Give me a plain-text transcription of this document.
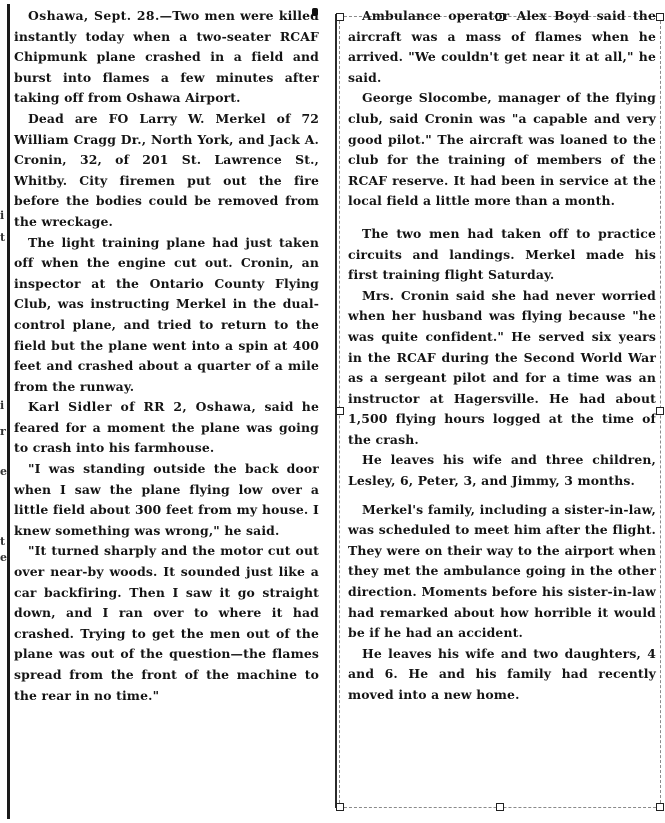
i
t
i
r
e
t
e

Oshawa, Sept. 28.—Two men were killed instantly today when a two-seater RCAF Chipmunk plane crashed in a field and burst into flames a few minutes after taking off from Oshawa Airport.

Dead are FO Larry W. Merkel of 72 William Cragg Dr., North York, and Jack A. Cronin, 32, of 201 St. Lawrence St., Whitby. City firemen put out the fire before the bodies could be removed from the wreckage.

The light training plane had just taken off when the engine cut out. Cronin, an inspector at the Ontario County Flying Club, was instructing Merkel in the dual-control plane, and tried to return to the field but the plane went into a spin at 400 feet and crashed about a quarter of a mile from the runway.

Karl Sidler of RR 2, Oshawa, said he feared for a moment the plane was going to crash into his farmhouse.

"I was standing outside the back door when I saw the plane flying low over a little field about 300 feet from my house. I knew something was wrong," he said.

"It turned sharply and the motor cut out over near-by woods. It sounded just like a car backfiring. Then I saw it go straight down, and I ran over to where it had crashed. Trying to get the men out of the plane was out of the question—the flames spread from the front of the machine to the rear in no time."

Ambulance operator Alex Boyd said the aircraft was a mass of flames when he arrived. "We couldn't get near it at all," he said.

George Slocombe, manager of the flying club, said Cronin was "a capable and very good pilot." The aircraft was loaned to the club for the training of members of the RCAF reserve. It had been in service at the local field a little more than a month.

The two men had taken off to practice circuits and landings. Merkel made his first training flight Saturday.

Mrs. Cronin said she had never worried when her husband was flying because "he was quite confident." He served six years in the RCAF during the Second World War as a sergeant pilot and for a time was an instructor at Hagersville. He had about 1,500 flying hours logged at the time of the crash.

He leaves his wife and three children, Lesley, 6, Peter, 3, and Jimmy, 3 months.

Merkel's family, including a sister-in-law, was scheduled to meet him after the flight. They were on their way to the airport when they met the ambulance going in the other direction. Moments before his sister-in-law had remarked about how horrible it would be if he had an accident.

He leaves his wife and two daughters, 4 and 6. He and his family had recently moved into a new home.
